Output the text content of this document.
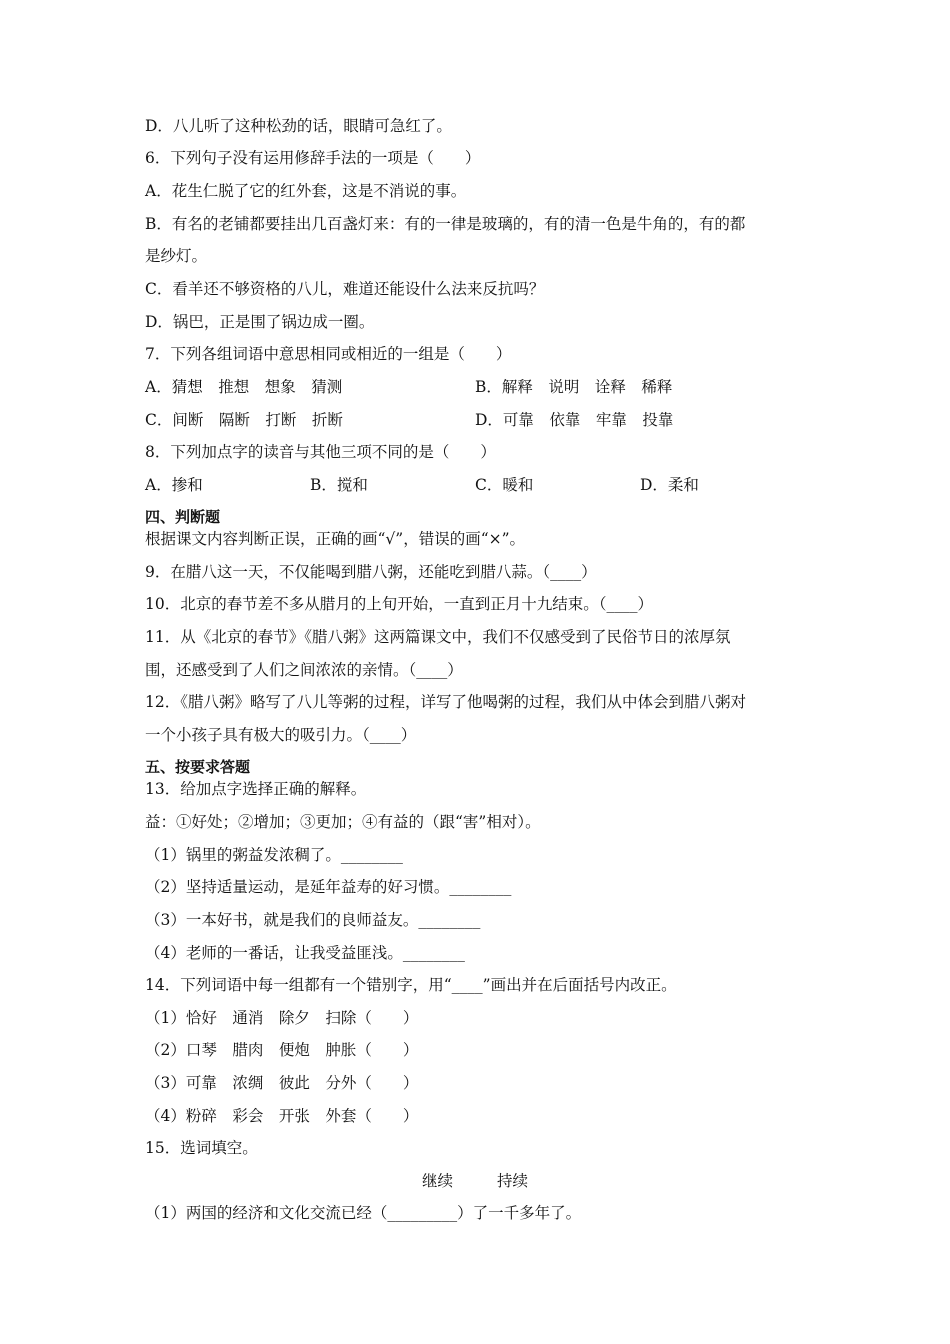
D．八儿听了这种松劲的话，眼睛可急红了。
6．下列句子没有运用修辞手法的一项是（　　）
A．花生仁脱了它的红外套，这是不消说的事。
B．有名的老铺都要挂出几百盏灯来：有的一律是玻璃的，有的清一色是牛角的，有的都
是纱灯。
C．看羊还不够资格的八儿，难道还能设什么法来反抗吗？
D．锅巴，正是围了锅边成一圈。
7．下列各组词语中意思相同或相近的一组是（　　）
A．猜想　推想　想象　猜测	B．解释　说明　诠释　稀释
C．间断　隔断　打断　折断	D．可靠　依靠　牢靠　投靠
8．下列加点字的读音与其他三项不同的是（　　）
A．掺和	B．搅和	C．暖和	D．柔和
四、判断题
根据课文内容判断正误，正确的画“√”，错误的画“×”。
9．在腊八这一天，不仅能喝到腊八粥，还能吃到腊八蒜。（____）
10．北京的春节差不多从腊月的上旬开始，一直到正月十九结束。（____）
11．从《北京的春节》《腊八粥》这两篇课文中，我们不仅感受到了民俗节日的浓厚氛
围，还感受到了人们之间浓浓的亲情。（____）
12．《腊八粥》略写了八儿等粥的过程，详写了他喝粥的过程，我们从中体会到腊八粥对
一个小孩子具有极大的吸引力。（____）
五、按要求答题
13．给加点字选择正确的解释。
益：①好处；②增加；③更加；④有益的（跟“害”相对）。
（1）锅里的粥益发浓稠了。________
（2）坚持适量运动，是延年益寿的好习惯。________
（3）一本好书，就是我们的良师益友。________
（4）老师的一番话，让我受益匪浅。________
14．下列词语中每一组都有一个错别字，用“____”画出并在后面括号内改正。
（1）恰好　通消　除夕　扫除（　　）
（2）口琴　腊肉　便炮　肿胀（　　）
（3）可靠　浓绸　彼此　分外（　　）
（4）粉碎　彩会　开张　外套（　　）
15．选词填空。
继续	持续
（1）两国的经济和文化交流已经（_________）了一千多年了。
